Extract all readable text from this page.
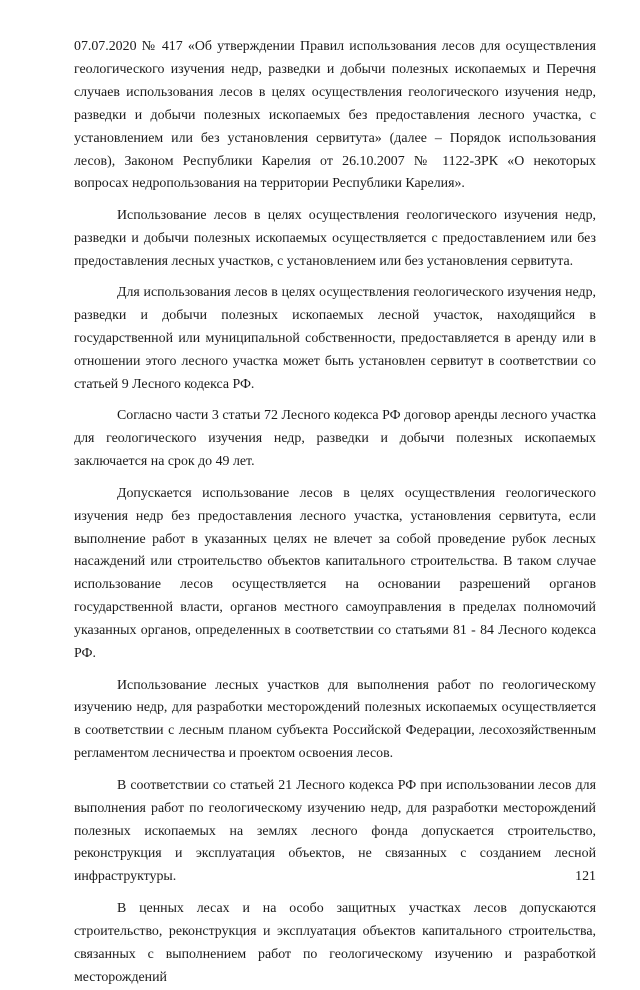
07.07.2020 № 417 «Об утверждении Правил использования лесов для осуществления геологического изучения недр, разведки и добычи полезных ископаемых и Перечня случаев использования лесов в целях осуществления геологического изучения недр, разведки и добычи полезных ископаемых без предоставления лесного участка, с установлением или без установления сервитута» (далее – Порядок использования лесов), Законом Республики Карелия от 26.10.2007 № 1122-ЗРК «О некоторых вопросах недропользования на территории Республики Карелия».

Использование лесов в целях осуществления геологического изучения недр, разведки и добычи полезных ископаемых осуществляется с предоставлением или без предоставления лесных участков, с установлением или без установления сервитута.

Для использования лесов в целях осуществления геологического изучения недр, разведки и добычи полезных ископаемых лесной участок, находящийся в государственной или муниципальной собственности, предоставляется в аренду или в отношении этого лесного участка может быть установлен сервитут в соответствии со статьей 9 Лесного кодекса РФ.

Согласно части 3 статьи 72 Лесного кодекса РФ договор аренды лесного участка для геологического изучения недр, разведки и добычи полезных ископаемых заключается на срок до 49 лет.

Допускается использование лесов в целях осуществления геологического изучения недр без предоставления лесного участка, установления сервитута, если выполнение работ в указанных целях не влечет за собой проведение рубок лесных насаждений или строительство объектов капитального строительства. В таком случае использование лесов осуществляется на основании разрешений органов государственной власти, органов местного самоуправления в пределах полномочий указанных органов, определенных в соответствии со статьями 81 - 84 Лесного кодекса РФ.

Использование лесных участков для выполнения работ по геологическому изучению недр, для разработки месторождений полезных ископаемых осуществляется в соответствии с лесным планом субъекта Российской Федерации, лесохозяйственным регламентом лесничества и проектом освоения лесов.

В соответствии со статьей 21 Лесного кодекса РФ при использовании лесов для выполнения работ по геологическому изучению недр, для разработки месторождений полезных ископаемых на землях лесного фонда допускается строительство, реконструкция и эксплуатация объектов, не связанных с созданием лесной инфраструктуры.

В ценных лесах и на особо защитных участках лесов допускаются строительство, реконструкция и эксплуатация объектов капитального строительства, связанных с выполнением работ по геологическому изучению и разработкой месторождений

121
